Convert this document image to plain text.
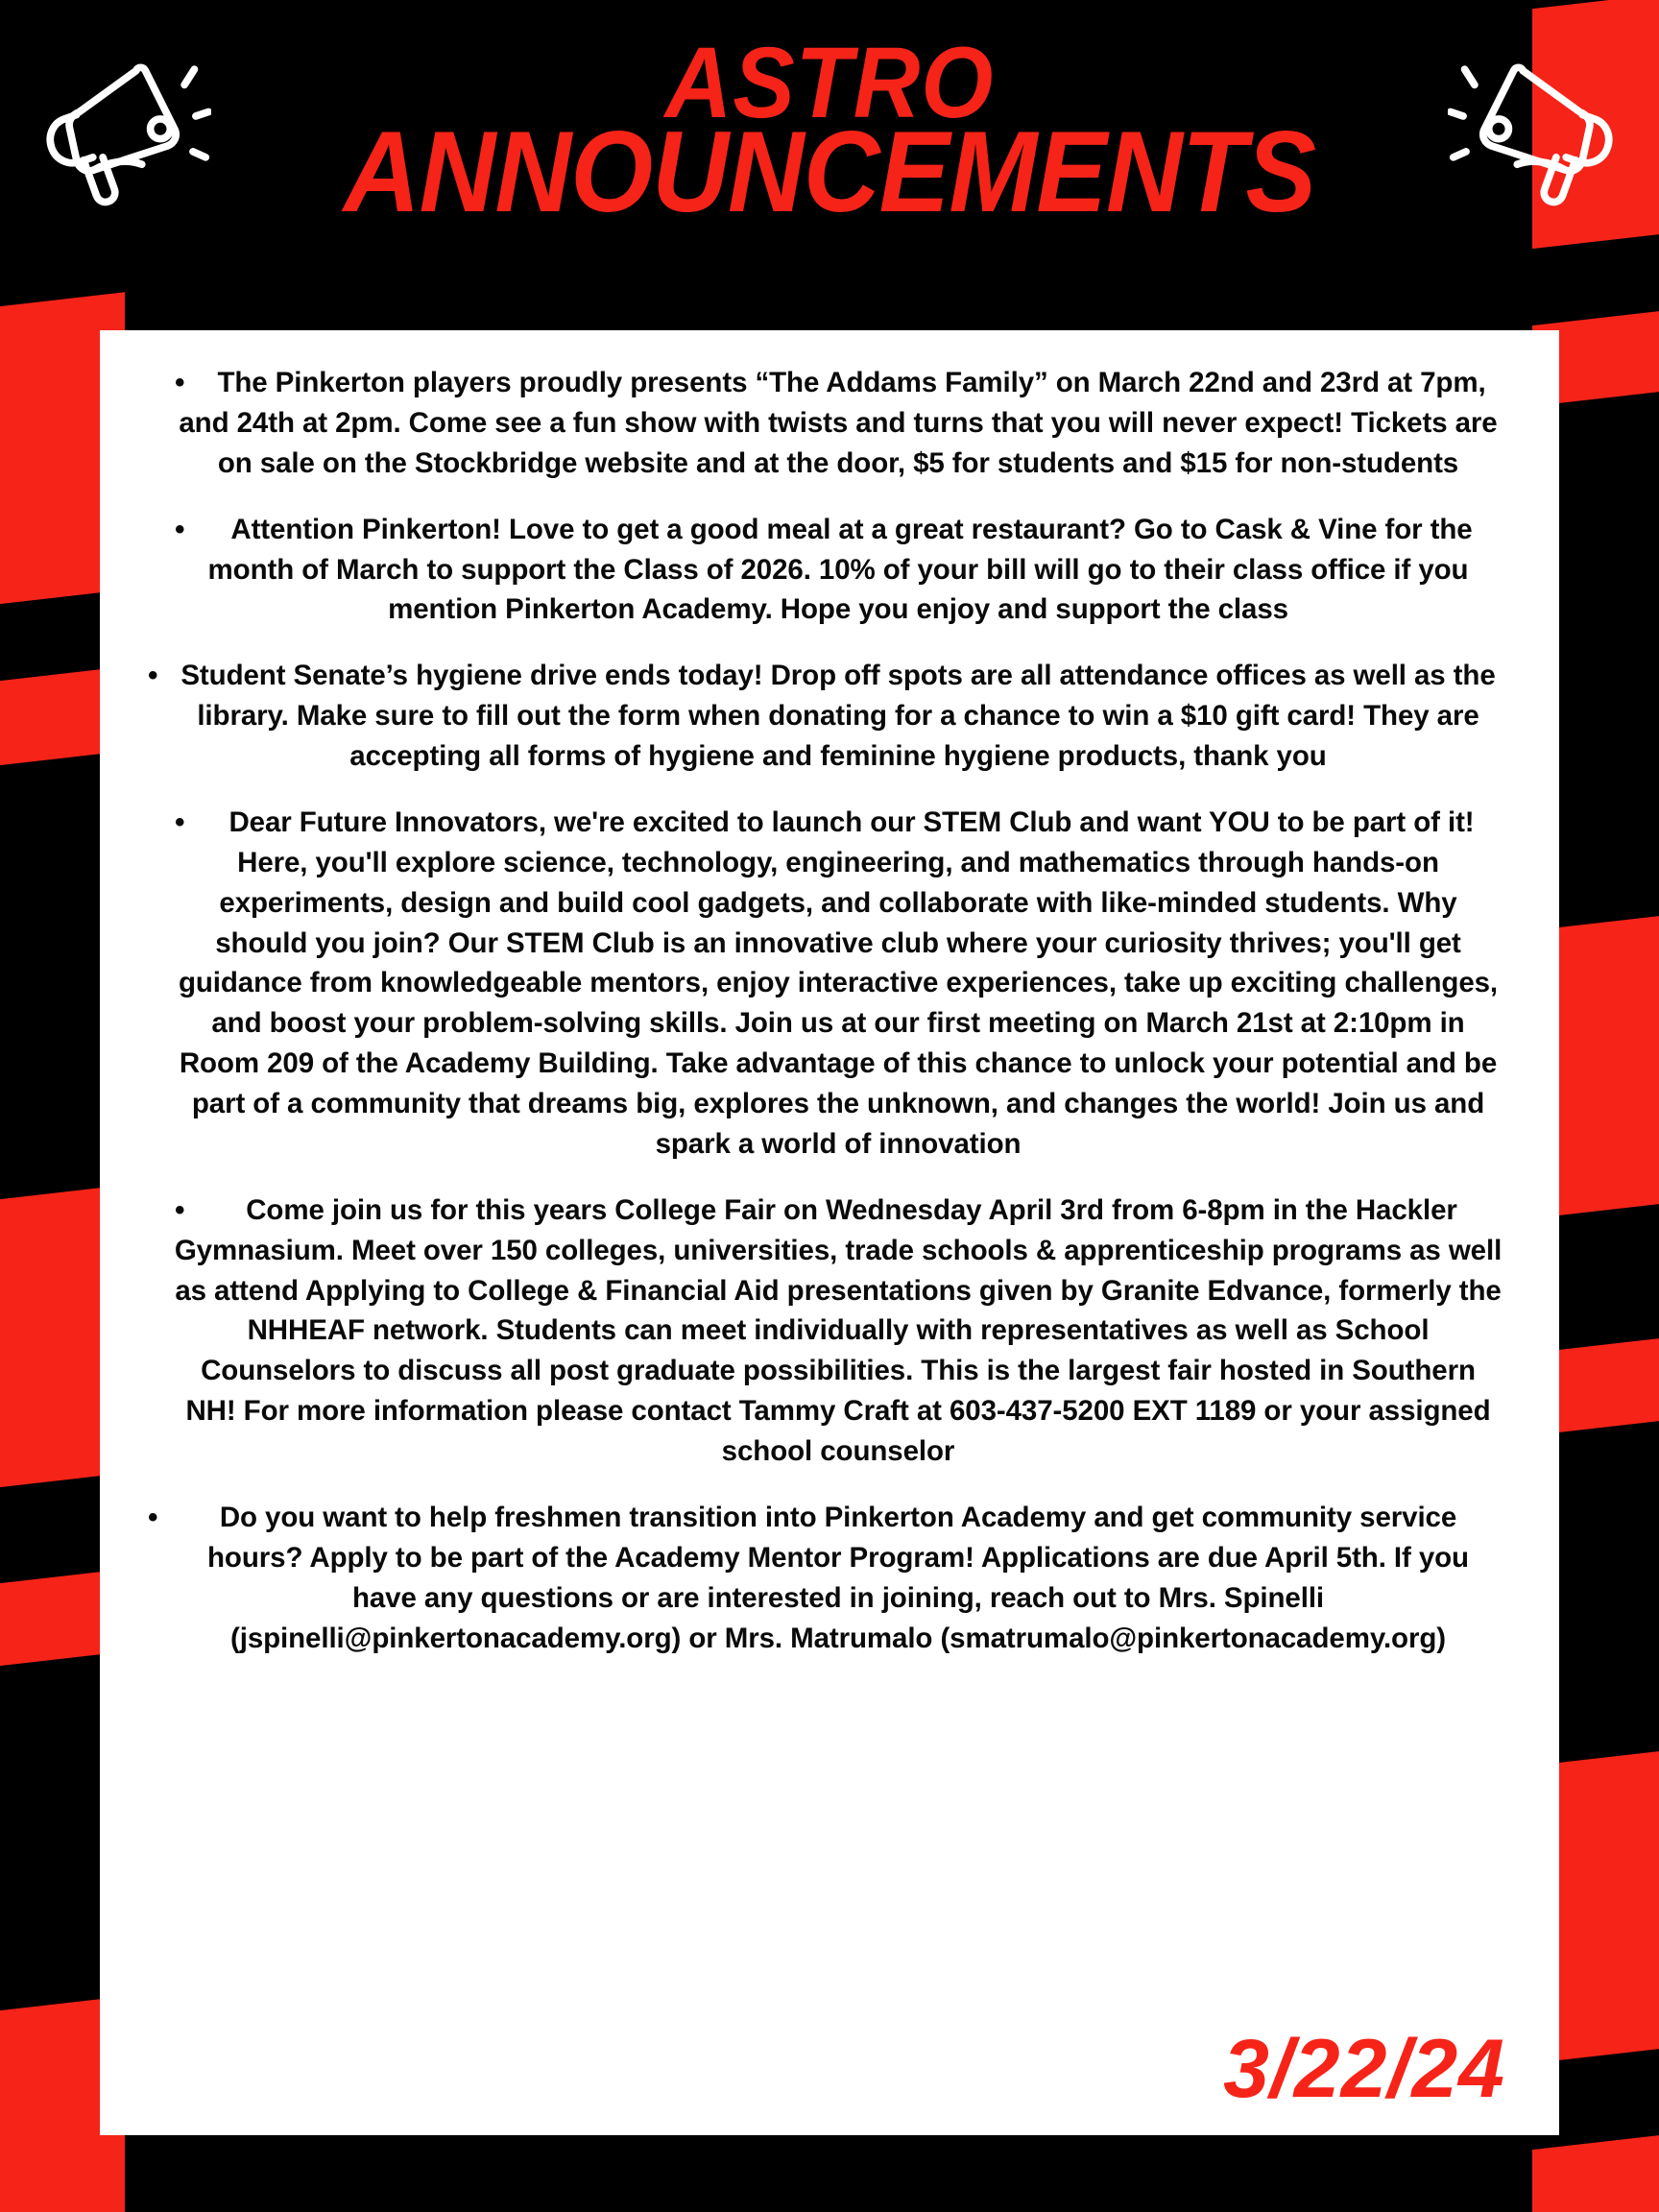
ASTRO
ANNOUNCEMENTS
• The Pinkerton players proudly presents “The Addams Family” on March 22nd and 23rd at 7pm, and 24th at 2pm. Come see a fun show with twists and turns that you will never expect! Tickets are on sale on the Stockbridge website and at the door, $5 for students and $15 for non-students
• Attention Pinkerton! Love to get a good meal at a great restaurant? Go to Cask & Vine for the month of March to support the Class of 2026. 10% of your bill will go to their class office if you mention Pinkerton Academy. Hope you enjoy and support the class
• Student Senate’s hygiene drive ends today! Drop off spots are all attendance offices as well as the library. Make sure to fill out the form when donating for a chance to win a $10 gift card! They are accepting all forms of hygiene and feminine hygiene products, thank you
• Dear Future Innovators, we're excited to launch our STEM Club and want YOU to be part of it! Here, you'll explore science, technology, engineering, and mathematics through hands-on experiments, design and build cool gadgets, and collaborate with like-minded students. Why should you join? Our STEM Club is an innovative club where your curiosity thrives; you'll get guidance from knowledgeable mentors, enjoy interactive experiences, take up exciting challenges, and boost your problem-solving skills. Join us at our first meeting on March 21st at 2:10pm in Room 209 of the Academy Building. Take advantage of this chance to unlock your potential and be part of a community that dreams big, explores the unknown, and changes the world! Join us and spark a world of innovation
• Come join us for this years College Fair on Wednesday April 3rd from 6-8pm in the Hackler Gymnasium. Meet over 150 colleges, universities, trade schools & apprenticeship programs as well as attend Applying to College & Financial Aid presentations given by Granite Edvance, formerly the NHHEAF network. Students can meet individually with representatives as well as School Counselors to discuss all post graduate possibilities. This is the largest fair hosted in Southern NH! For more information please contact Tammy Craft at 603-437-5200 EXT 1189 or your assigned school counselor
• Do you want to help freshmen transition into Pinkerton Academy and get community service hours? Apply to be part of the Academy Mentor Program! Applications are due April 5th. If you have any questions or are interested in joining, reach out to Mrs. Spinelli (jspinelli@pinkertonacademy.org) or Mrs. Matrumalo (smatrumalo@pinkertonacademy.org)
3/22/24
